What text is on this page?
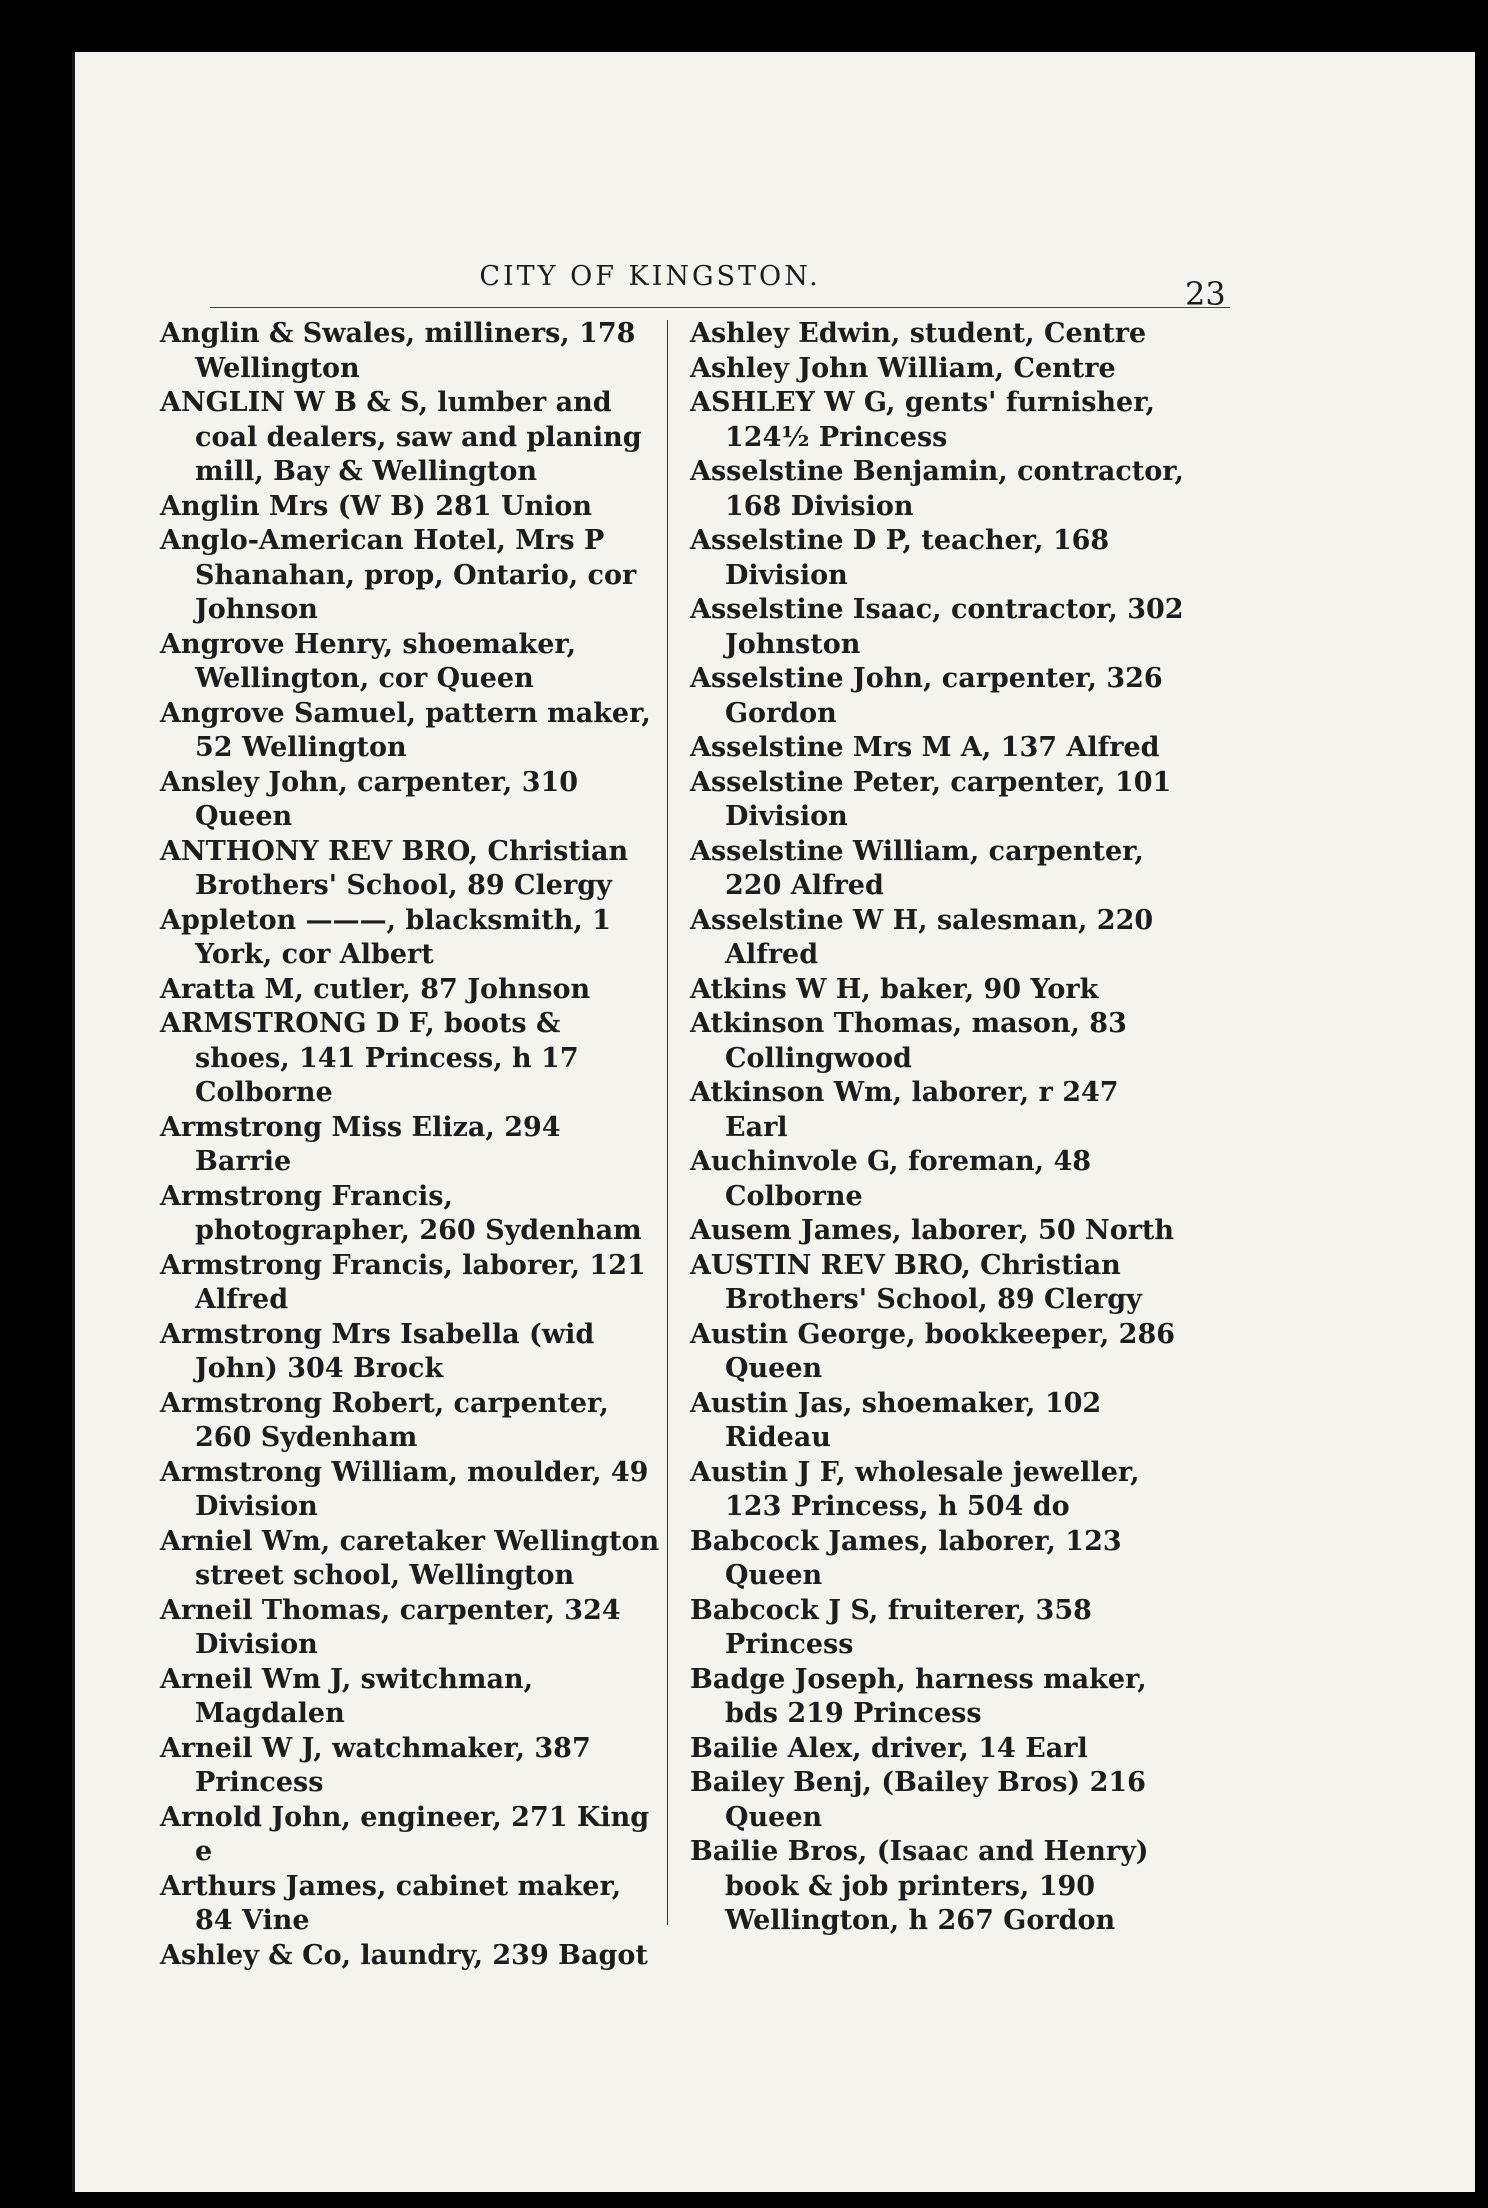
CITY OF KINGSTON.	23

Anglin & Swales, milliners, 178 Wellington

ANGLIN W B & S, lumber and coal dealers, saw and planing mill, Bay & Wellington

Anglin Mrs (W B) 281 Union

Anglo-American Hotel, Mrs P Shanahan, prop, Ontario, cor Johnson

Angrove Henry, shoemaker, Wellington, cor Queen

Angrove Samuel, pattern maker, 52 Wellington

Ansley John, carpenter, 310 Queen

ANTHONY REV BRO, Christian Brothers' School, 89 Clergy

Appleton ———, blacksmith, 1 York, cor Albert

Aratta M, cutler, 87 Johnson

ARMSTRONG D F, boots & shoes, 141 Princess, h 17 Colborne

Armstrong Miss Eliza, 294 Barrie

Armstrong Francis, photographer, 260 Sydenham

Armstrong Francis, laborer, 121 Alfred

Armstrong Mrs Isabella (wid John) 304 Brock

Armstrong Robert, carpenter, 260 Sydenham

Armstrong William, moulder, 49 Division

Arniel Wm, caretaker Wellington street school, Wellington

Arneil Thomas, carpenter, 324 Division

Arneil Wm J, switchman, Magdalen

Arneil W J, watchmaker, 387 Princess

Arnold John, engineer, 271 King e

Arthurs James, cabinet maker, 84 Vine

Ashley & Co, laundry, 239 Bagot

Ashley Edwin, student, Centre

Ashley John William, Centre

ASHLEY W G, gents' furnisher, 124½ Princess

Asselstine Benjamin, contractor, 168 Division

Asselstine D P, teacher, 168 Division

Asselstine Isaac, contractor, 302 Johnston

Asselstine John, carpenter, 326 Gordon

Asselstine Mrs M A, 137 Alfred

Asselstine Peter, carpenter, 101 Division

Asselstine William, carpenter, 220 Alfred

Asselstine W H, salesman, 220 Alfred

Atkins W H, baker, 90 York

Atkinson Thomas, mason, 83 Collingwood

Atkinson Wm, laborer, r 247 Earl

Auchinvole G, foreman, 48 Colborne

Ausem James, laborer, 50 North

AUSTIN REV BRO, Christian Brothers' School, 89 Clergy

Austin George, bookkeeper, 286 Queen

Austin Jas, shoemaker, 102 Rideau

Austin J F, wholesale jeweller, 123 Princess, h 504 do

Babcock James, laborer, 123 Queen

Babcock J S, fruiterer, 358 Princess

Badge Joseph, harness maker, bds 219 Princess

Bailie Alex, driver, 14 Earl

Bailey Benj, (Bailey Bros) 216 Queen

Bailie Bros, (Isaac and Henry) book & job printers, 190 Wellington, h 267 Gordon
